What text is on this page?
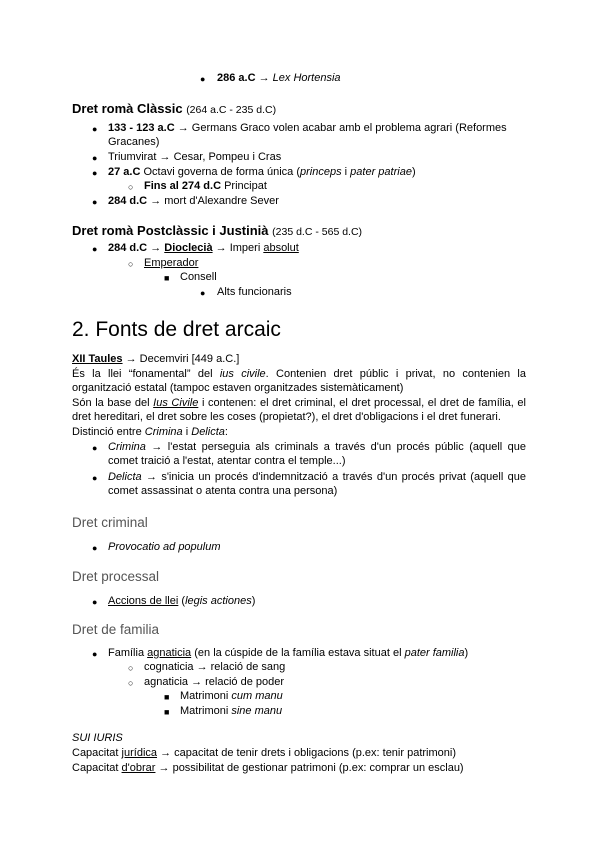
● 286 a.C → Lex Hortensia
Dret romà Clàssic (264 a.C - 235 d.C)
● 133 - 123 a.C → Germans Graco volen acabar amb el problema agrari (Reformes
Gracanes)
● Triumvirat → Cesar, Pompeu i Cras
● 27 a.C Octavi governa de forma única (princeps i pater patriae)
○ Fins al 274 d.C Principat
● 284 d.C → mort d'Alexandre Sever
Dret romà Postclàssic i Justinià (235 d.C - 565 d.C)
● 284 d.C → Dioclecià → Imperi absolut
○ Emperador
■ Consell
● Alts funcionaris
2. Fonts de dret arcaic
XII Taules → Decemviri [449 a.C.]
És la llei “fonamental” del ius civile. Contenien dret públic i privat, no contenien la organització estatal (tampoc estaven organitzades sistemàticament)
Són la base del Ius Civile i contenen: el dret criminal, el dret processal, el dret de família, el dret hereditari, el dret sobre les coses (propietat?), el dret d'obligacions i el dret funerari.
Distinció entre Crimina i Delicta:
● Crimina → l'estat perseguia als criminals a través d'un procés públic (aquell que comet traició a l'estat, atentar contra el temple...)
● Delicta → s'inicia un procés d'indemnització a través d'un procés privat (aquell que comet assassinat o atenta contra una persona)
Dret criminal
● Provocatio ad populum
Dret processal
● Accions de llei (legis actiones)
Dret de familia
● Família agnaticia (en la cúspide de la família estava situat el pater familia)
○ cognaticia → relació de sang
○ agnaticia → relació de poder
■ Matrimoni cum manu
■ Matrimoni sine manu
SUI IURIS
Capacitat jurídica → capacitat de tenir drets i obligacions (p.ex: tenir patrimoni)
Capacitat d'obrar → possibilitat de gestionar patrimoni (p.ex: comprar un esclau)
